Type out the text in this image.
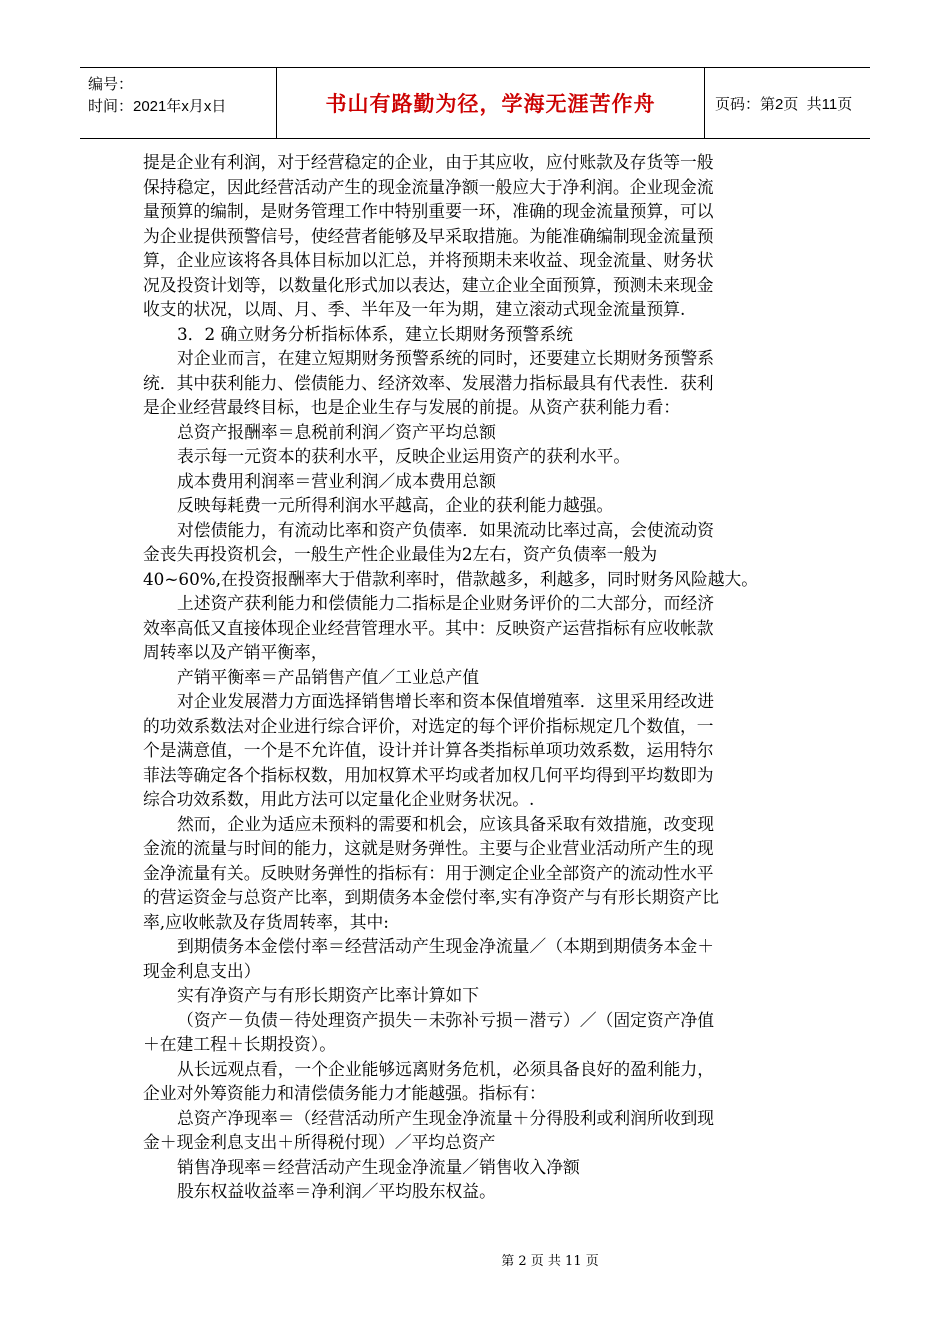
编号：
时间：2021年x月x日	书山有路勤为径，学海无涯苦作舟	页码：第2页  共11页

提是企业有利润，对于经营稳定的企业，由于其应收，应付账款及存货等一般

保持稳定，因此经营活动产生的现金流量净额一般应大于净利润。企业现金流

量预算的编制，是财务管理工作中特别重要一环，准确的现金流量预算，可以

为企业提供预警信号，使经营者能够及早采取措施。为能准确编制现金流量预

算，企业应该将各具体目标加以汇总，并将预期未来收益、现金流量、财务状

况及投资计划等，以数量化形式加以表达，建立企业全面预算，预测未来现金

收支的状况，以周、月、季、半年及一年为期，建立滚动式现金流量预算.

3．2 确立财务分析指标体系，建立长期财务预警系统

对企业而言，在建立短期财务预警系统的同时，还要建立长期财务预警系

统．其中获利能力、偿债能力、经济效率、发展潜力指标最具有代表性．获利

是企业经营最终目标，也是企业生存与发展的前提。从资产获利能力看：

总资产报酬率＝息税前利润／资产平均总额

表示每一元资本的获利水平，反映企业运用资产的获利水平。

成本费用利润率＝营业利润／成本费用总额

反映每耗费一元所得利润水平越高，企业的获利能力越强。

对偿债能力，有流动比率和资产负债率．如果流动比率过高，会使流动资

金丧失再投资机会，一般生产性企业最佳为2左右，资产负债率一般为

40~60%,在投资报酬率大于借款利率时，借款越多，利越多，同时财务风险越大。

上述资产获利能力和偿债能力二指标是企业财务评价的二大部分，而经济

效率高低又直接体现企业经营管理水平。其中：反映资产运营指标有应收帐款

周转率以及产销平衡率，

产销平衡率＝产品销售产值／工业总产值

对企业发展潜力方面选择销售增长率和资本保值增殖率．这里采用经改进

的功效系数法对企业进行综合评价，对选定的每个评价指标规定几个数值，一

个是满意值，一个是不允许值，设计并计算各类指标单项功效系数，运用特尔

菲法等确定各个指标权数，用加权算术平均或者加权几何平均得到平均数即为

综合功效系数，用此方法可以定量化企业财务状况。.

然而，企业为适应未预料的需要和机会，应该具备采取有效措施，改变现

金流的流量与时间的能力，这就是财务弹性。主要与企业营业活动所产生的现

金净流量有关。反映财务弹性的指标有：用于测定企业全部资产的流动性水平

的营运资金与总资产比率，到期债务本金偿付率,实有净资产与有形长期资产比

率,应收帐款及存货周转率，其中:

到期债务本金偿付率＝经营活动产生现金净流量／（本期到期债务本金＋

现金利息支出）

实有净资产与有形长期资产比率计算如下

（资产－负债－待处理资产损失－未弥补亏损－潜亏）／（固定资产净值

＋在建工程＋长期投资）。

从长远观点看，一个企业能够远离财务危机，必须具备良好的盈利能力，

企业对外筹资能力和清偿债务能力才能越强。指标有：

总资产净现率＝（经营活动所产生现金净流量＋分得股利或利润所收到现

金＋现金利息支出＋所得税付现）／平均总资产

销售净现率＝经营活动产生现金净流量／销售收入净额

股东权益收益率＝净利润／平均股东权益。

第 2 页 共 11 页
